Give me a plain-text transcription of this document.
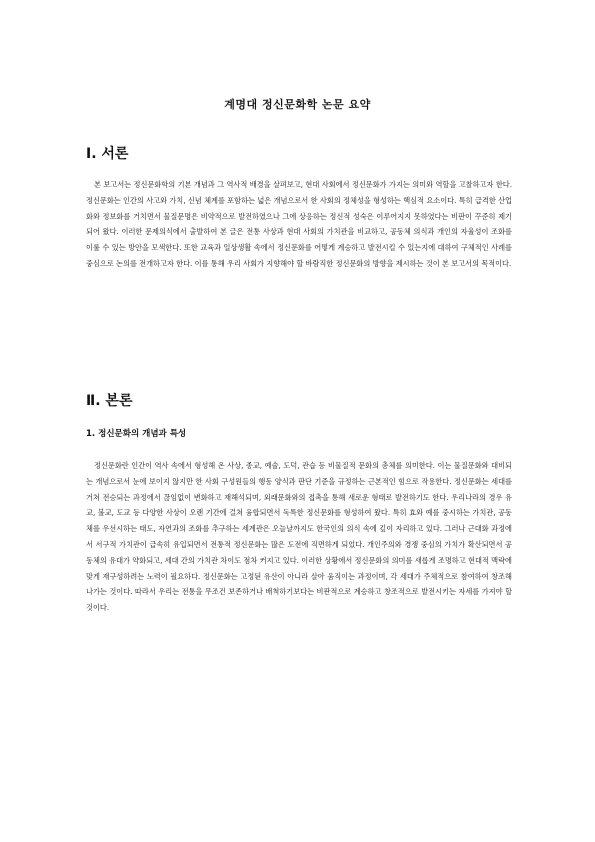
계명대 정신문화학 논문 요약
Ⅰ. 서론

본 보고서는 정신문화학의 기본 개념과 그 역사적 배경을 살펴보고, 현대 사회에서 정신문화가 가지는 의미와 역할을 고찰하고자 한다. 정신문화는 인간의 사고와 가치, 신념 체계를 포함하는 넓은 개념으로서 한 사회의 정체성을 형성하는 핵심적 요소이다. 특히 급격한 산업화와 정보화를 거치면서 물질문명은 비약적으로 발전하였으나 그에 상응하는 정신적 성숙은 이루어지지 못하였다는 비판이 꾸준히 제기되어 왔다. 이러한 문제의식에서 출발하여 본 글은 전통 사상과 현대 사회의 가치관을 비교하고, 공동체 의식과 개인의 자율성이 조화를 이룰 수 있는 방안을 모색한다. 또한 교육과 일상생활 속에서 정신문화를 어떻게 계승하고 발전시킬 수 있는지에 대하여 구체적인 사례를 중심으로 논의를 전개하고자 한다. 이를 통해 우리 사회가 지향해야 할 바람직한 정신문화의 방향을 제시하는 것이 본 보고서의 목적이다.

Ⅱ. 본론
1. 정신문화의 개념과 특성

정신문화란 인간이 역사 속에서 형성해 온 사상, 종교, 예술, 도덕, 관습 등 비물질적 문화의 총체를 의미한다. 이는 물질문화와 대비되는 개념으로서 눈에 보이지 않지만 한 사회 구성원들의 행동 양식과 판단 기준을 규정하는 근본적인 힘으로 작용한다. 정신문화는 세대를 거쳐 전승되는 과정에서 끊임없이 변화하고 재해석되며, 외래문화와의 접촉을 통해 새로운 형태로 발전하기도 한다. 우리나라의 경우 유교, 불교, 도교 등 다양한 사상이 오랜 기간에 걸쳐 융합되면서 독특한 정신문화를 형성하여 왔다. 특히 효와 예를 중시하는 가치관, 공동체를 우선시하는 태도, 자연과의 조화를 추구하는 세계관은 오늘날까지도 한국인의 의식 속에 깊이 자리하고 있다. 그러나 근대화 과정에서 서구적 가치관이 급속히 유입되면서 전통적 정신문화는 많은 도전에 직면하게 되었다. 개인주의와 경쟁 중심의 가치가 확산되면서 공동체의 유대가 약화되고, 세대 간의 가치관 차이도 점차 커지고 있다. 이러한 상황에서 정신문화의 의미를 새롭게 조명하고 현대적 맥락에 맞게 재구성하려는 노력이 필요하다. 정신문화는 고정된 유산이 아니라 살아 움직이는 과정이며, 각 세대가 주체적으로 참여하여 창조해 나가는 것이다. 따라서 우리는 전통을 무조건 보존하거나 배척하기보다는 비판적으로 계승하고 창조적으로 발전시키는 자세를 가져야 할 것이다.
